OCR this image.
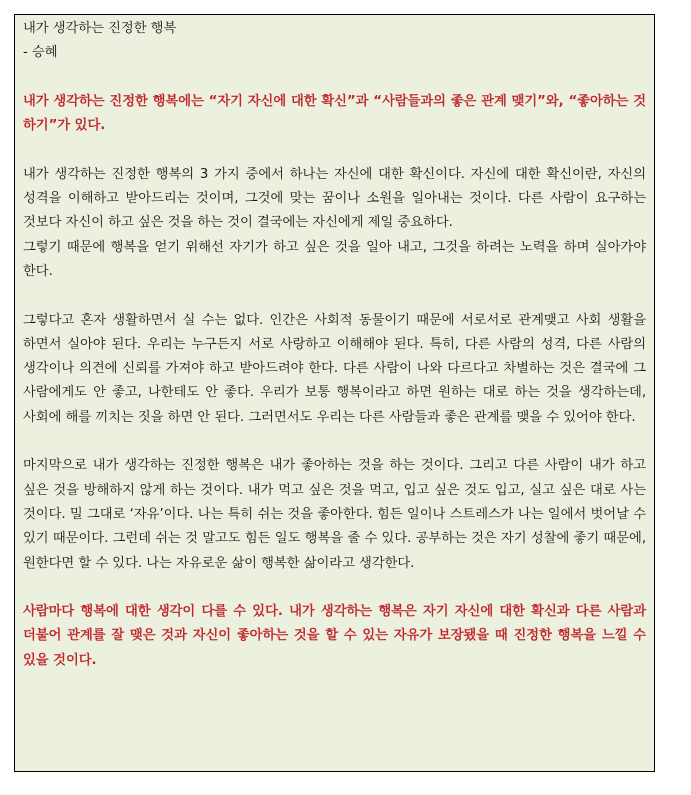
내가 생각하는 진정한 행복

- 승혜

내가 생각하는 진정한 행복에는 “자기 자신에 대한 확신”과 “사람들과의 좋은 관계 맺기”와, “좋아하는 것 하기”가 있다.

내가 생각하는 진정한 행복의 3 가지 중에서 하나는 자신에 대한 확신이다. 자신에 대한 확신이란, 자신의 성격을 이해하고 받아드리는 것이며, 그것에 맞는 꿈이나 소원을 일아내는 것이다. 다른 사람이 요구하는 것보다 자신이 하고 싶은 것을 하는 것이 결국에는 자신에게 제일 중요하다.

그렇기 때문에 행복을 얻기 위해선 자기가 하고 싶은 것을 일아 내고, 그것을 하려는 노력을 하며 실아가야 한다.

그렇다고 혼자 생활하면서 실 수는 없다. 인간은 사회적 동물이기 때문에 서로서로 관계맺고 사회 생활을 하면서 실아야 된다. 우리는 누구든지 서로 사랑하고 이해해야 된다. 특히, 다른 사람의 성격, 다른 사람의 생각이나 의견에 신뢰를 가져야 하고 받아드려야 한다. 다른 사람이 나와 다르다고 차별하는 것은 결국에 그 사람에게도 안 좋고, 나한테도 안 좋다. 우리가 보통 행복이라고 하면 원하는 대로 하는 것을 생각하는데, 사회에 해를 끼치는 짓을 하면 안 된다. 그러면서도 우리는 다른 사람들과 좋은 관계를 맺을 수 있어야 한다.

마지막으로 내가 생각하는 진정한 행복은 내가 좋아하는 것을 하는 것이다. 그리고 다른 사람이 내가 하고 싶은 것을 방해하지 않게 하는 것이다. 내가 먹고 싶은 것을 먹고, 입고 싶은 것도 입고, 실고 싶은 대로 사는 것이다. 밀 그대로 ‘자유’이다. 나는 특히 쉬는 것을 좋아한다. 힘든 일이나 스트레스가 나는 일에서 벗어날 수 있기 때문이다. 그런데 쉬는 것 말고도 힘든 일도 행복을 줄 수 있다. 공부하는 것은 자기 성찰에 좋기 때문에, 원한다면 할 수 있다. 나는 자유로운 삶이 행복한 삶이라고 생각한다.

사람마다 행복에 대한 생각이 다를 수 있다. 내가 생각하는 행복은 자기 자신에 대한 확신과 다른 사람과 더불어 관계를 잘 맺은 것과 자신이 좋아하는 것을 할 수 있는 자유가 보장됐을 때 진정한 행복을 느낄 수 있을 것이다.
